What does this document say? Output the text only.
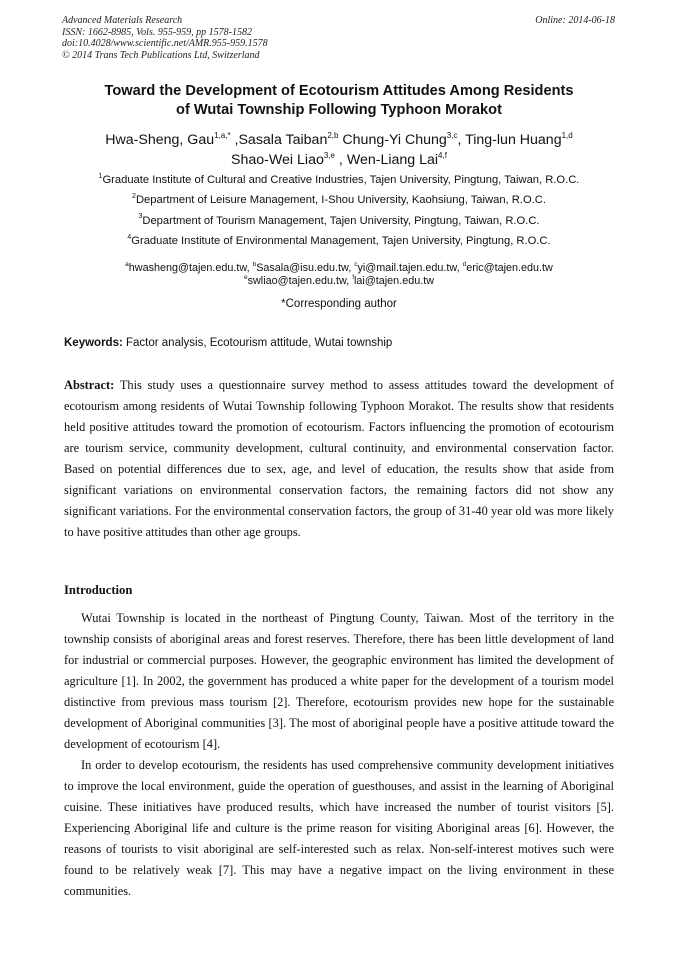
Advanced Materials Research
ISSN: 1662-8985, Vols. 955-959, pp 1578-1582
doi:10.4028/www.scientific.net/AMR.955-959.1578
© 2014 Trans Tech Publications Ltd, Switzerland
Online: 2014-06-18
Toward the Development of Ecotourism Attitudes Among Residents
of Wutai Township Following Typhoon Morakot
Hwa-Sheng, Gau$^{1,a,*}$ ,Sasala Taiban$^{2,b}$ Chung-Yi Chung$^{3,c}$, Ting-lun Huang$^{1,d}$
Shao-Wei Liao$^{3,e}$ , Wen-Liang Lai$^{4,f}$
$^1$Graduate Institute of Cultural and Creative Industries, Tajen University, Pingtung, Taiwan, R.O.C.
$^2$Department of Leisure Management, I-Shou University, Kaohsiung, Taiwan, R.O.C.
$^3$Department of Tourism Management, Tajen University, Pingtung, Taiwan, R.O.C.
$^4$Graduate Institute of Environmental Management, Tajen University, Pingtung, R.O.C.
$^a$hwasheng@tajen.edu.tw, $^b$Sasala@isu.edu.tw, $^c$yi@mail.tajen.edu.tw, $^d$eric@tajen.edu.tw
$^e$swliao@tajen.edu.tw, $^f$lai@tajen.edu.tw
*Corresponding author
Keywords: Factor analysis, Ecotourism attitude, Wutai township
Abstract: This study uses a questionnaire survey method to assess attitudes toward the development of ecotourism among residents of Wutai Township following Typhoon Morakot. The results show that residents held positive attitudes toward the promotion of ecotourism. Factors influencing the promotion of ecotourism are tourism service, community development, cultural continuity, and environmental conservation factor. Based on potential differences due to sex, age, and level of education, the results show that aside from significant variations on environmental conservation factors, the remaining factors did not show any significant variations. For the environmental conservation factors, the group of 31-40 year old was more likely to have positive attitudes than other age groups.
Introduction

Wutai Township is located in the northeast of Pingtung County, Taiwan. Most of the territory in the township consists of aboriginal areas and forest reserves. Therefore, there has been little development of land for industrial or commercial purposes. However, the geographic environment has limited the development of agriculture [1]. In 2002, the government has produced a white paper for the development of a tourism model distinctive from previous mass tourism [2]. Therefore, ecotourism provides new hope for the sustainable development of Aboriginal communities [3]. The most of aboriginal people have a positive attitude toward the development of ecotourism [4].

In order to develop ecotourism, the residents has used comprehensive community development initiatives to improve the local environment, guide the operation of guesthouses, and assist in the learning of Aboriginal cuisine. These initiatives have produced results, which have increased the number of tourist visitors [5]. Experiencing Aboriginal life and culture is the prime reason for visiting Aboriginal areas [6]. However, the reasons of tourists to visit aboriginal are self-interested such as relax. Non-self-interest motives such were found to be relatively weak [7]. This may have a negative impact on the living environment in these communities.
